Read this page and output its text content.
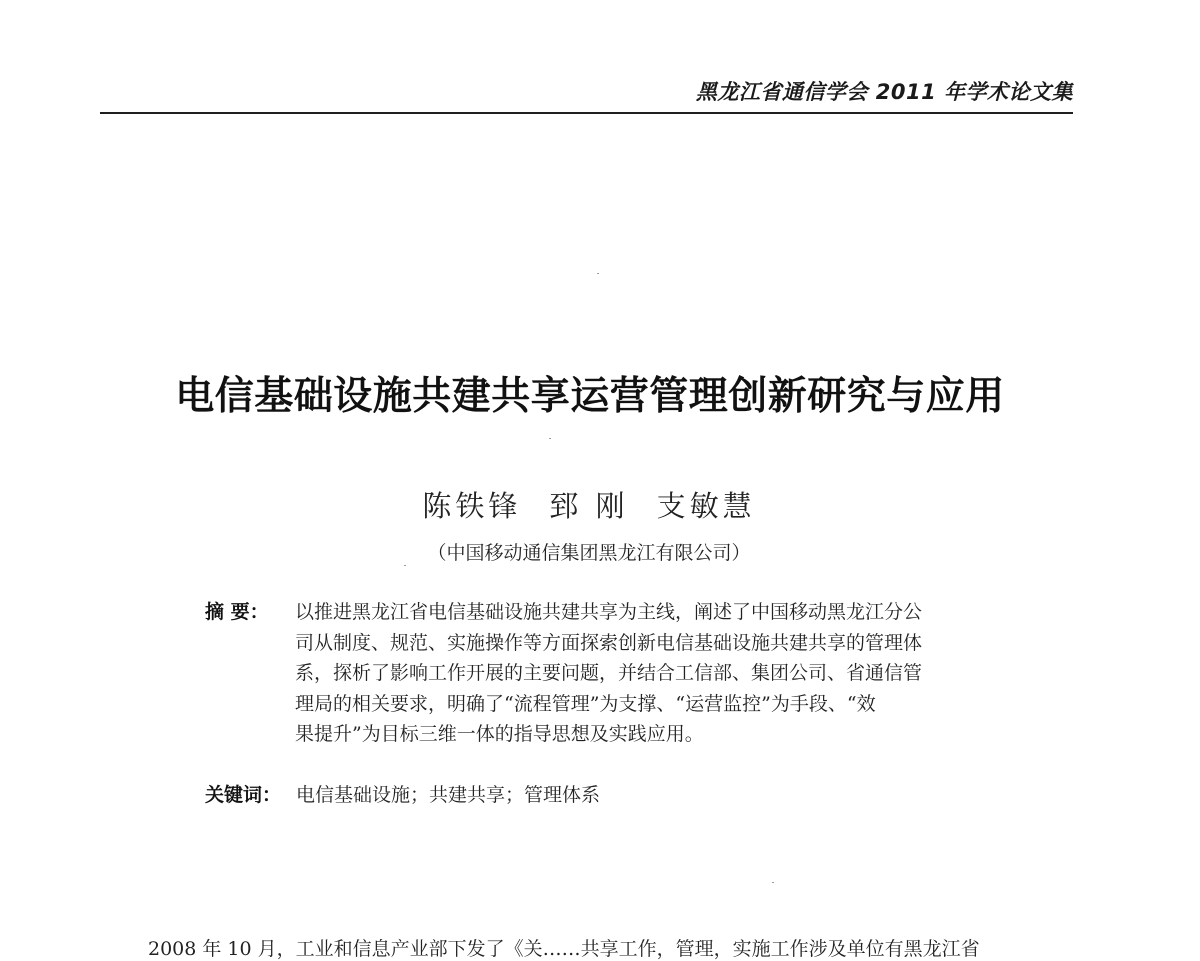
黑龙江省通信学会 2011 年学术论文集
电信基础设施共建共享运营管理创新研究与应用
陈铁锋 郅 刚 支敏慧
（中国移动通信集团黑龙江有限公司）
摘 要：	以推进黑龙江省电信基础设施共建共享为主线，阐述了中国移动黑龙江分公
司从制度、规范、实施操作等方面探索创新电信基础设施共建共享的管理体
系，探析了影响工作开展的主要问题，并结合工信部、集团公司、省通信管
理局的相关要求，明确了“流程管理”为支撑、“运营监控”为手段、“效
果提升”为目标三维一体的指导思想及实践应用。
关键词： 电信基础设施；共建共享；管理体系
2008 年 10 月，工业和信息产业部下发了《关……共享工作，管理，实施工作涉及单位有黑龙江省
